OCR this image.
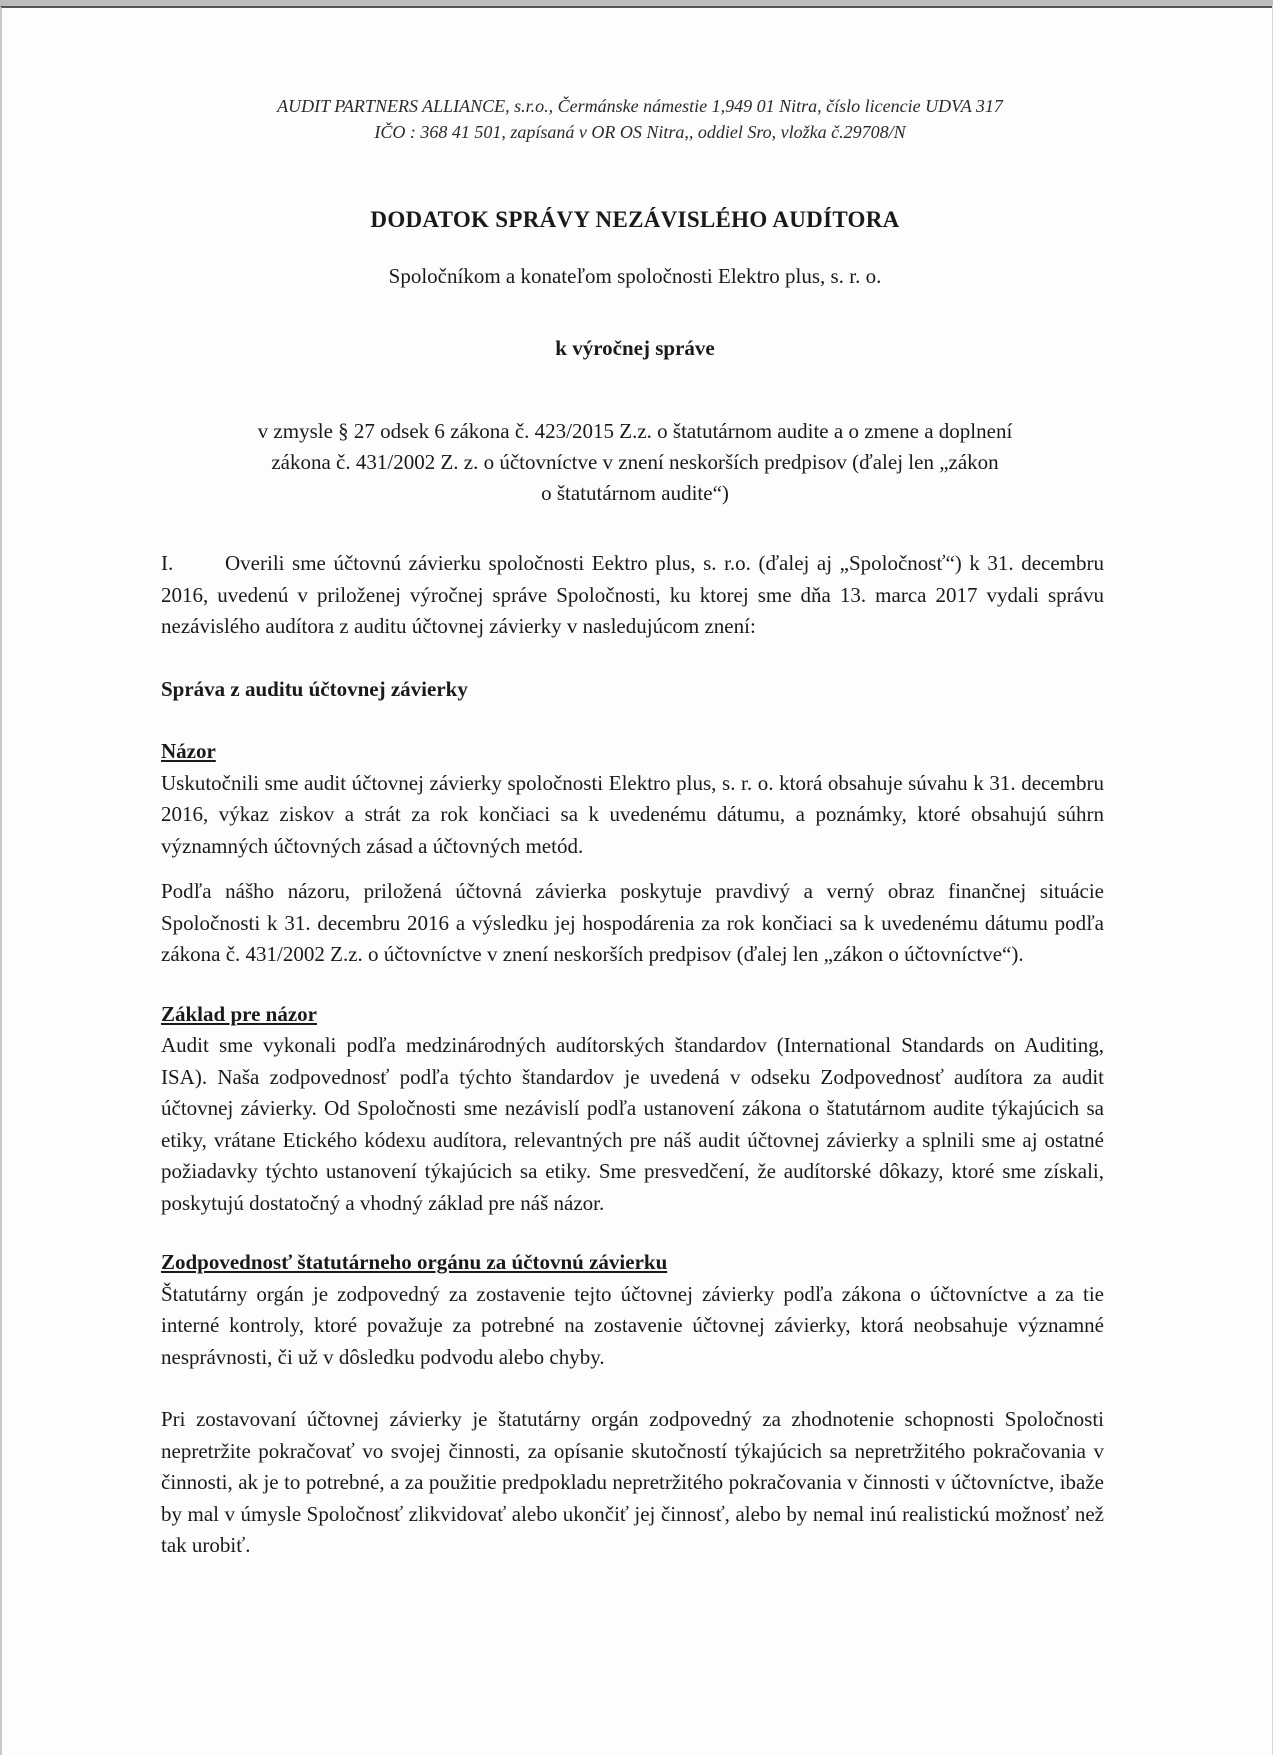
AUDIT PARTNERS ALLIANCE, s.r.o., Čermánske námestie 1,949 01 Nitra, číslo licencie UDVA 317
IČO : 368 41 501, zapísaná v OR OS Nitra,, oddiel Sro, vložka č.29708/N
DODATOK SPRÁVY NEZÁVISLÉHO AUDÍTORA
Spoločníkom a konateľom spoločnosti Elektro plus, s. r. o.
k výročnej správe
v zmysle § 27 odsek 6 zákona č. 423/2015 Z.z. o štatutárnom audite a o zmene a doplnení
zákona č. 431/2002 Z. z. o účtovníctve v znení neskorších predpisov (ďalej len „zákon
o štatutárnom audite“)

I. Overili sme účtovnú závierku spoločnosti Eektro plus, s. r.o. (ďalej aj „Spoločnosť“) k 31. decembru 2016, uvedenú v priloženej výročnej správe Spoločnosti, ku ktorej sme dňa 13. marca 2017 vydali správu nezávislého audítora z auditu účtovnej závierky v nasledujúcom znení:

Správa z auditu účtovnej závierky

Názor

Uskutočnili sme audit účtovnej závierky spoločnosti Elektro plus, s. r. o. ktorá obsahuje súvahu k 31. decembru 2016, výkaz ziskov a strát za rok končiaci sa k uvedenému dátumu, a poznámky, ktoré obsahujú súhrn významných účtovných zásad a účtovných metód.

Podľa nášho názoru, priložená účtovná závierka poskytuje pravdivý a verný obraz finančnej situácie Spoločnosti k 31. decembru 2016 a výsledku jej hospodárenia za rok končiaci sa k uvedenému dátumu podľa zákona č. 431/2002 Z.z. o účtovníctve v znení neskorších predpisov (ďalej len „zákon o účtovníctve“).

Základ pre názor

Audit sme vykonali podľa medzinárodných audítorských štandardov (International Standards on Auditing, ISA). Naša zodpovednosť podľa týchto štandardov je uvedená v odseku Zodpovednosť audítora za audit účtovnej závierky. Od Spoločnosti sme nezávislí podľa ustanovení zákona o štatutárnom audite týkajúcich sa etiky, vrátane Etického kódexu audítora, relevantných pre náš audit účtovnej závierky a splnili sme aj ostatné požiadavky týchto ustanovení týkajúcich sa etiky. Sme presvedčení, že audítorské dôkazy, ktoré sme získali, poskytujú dostatočný a vhodný základ pre náš názor.

Zodpovednosť štatutárneho orgánu za účtovnú závierku

Štatutárny orgán je zodpovedný za zostavenie tejto účtovnej závierky podľa zákona o účtovníctve a za tie interné kontroly, ktoré považuje za potrebné na zostavenie účtovnej závierky, ktorá neobsahuje významné nesprávnosti, či už v dôsledku podvodu alebo chyby.

Pri zostavovaní účtovnej závierky je štatutárny orgán zodpovedný za zhodnotenie schopnosti Spoločnosti nepretržite pokračovať vo svojej činnosti, za opísanie skutočností týkajúcich sa nepretržitého pokračovania v činnosti, ak je to potrebné, a za použitie predpokladu nepretržitého pokračovania v činnosti v účtovníctve, ibaže by mal v úmysle Spoločnosť zlikvidovať alebo ukončiť jej činnosť, alebo by nemal inú realistickú možnosť než tak urobiť.
